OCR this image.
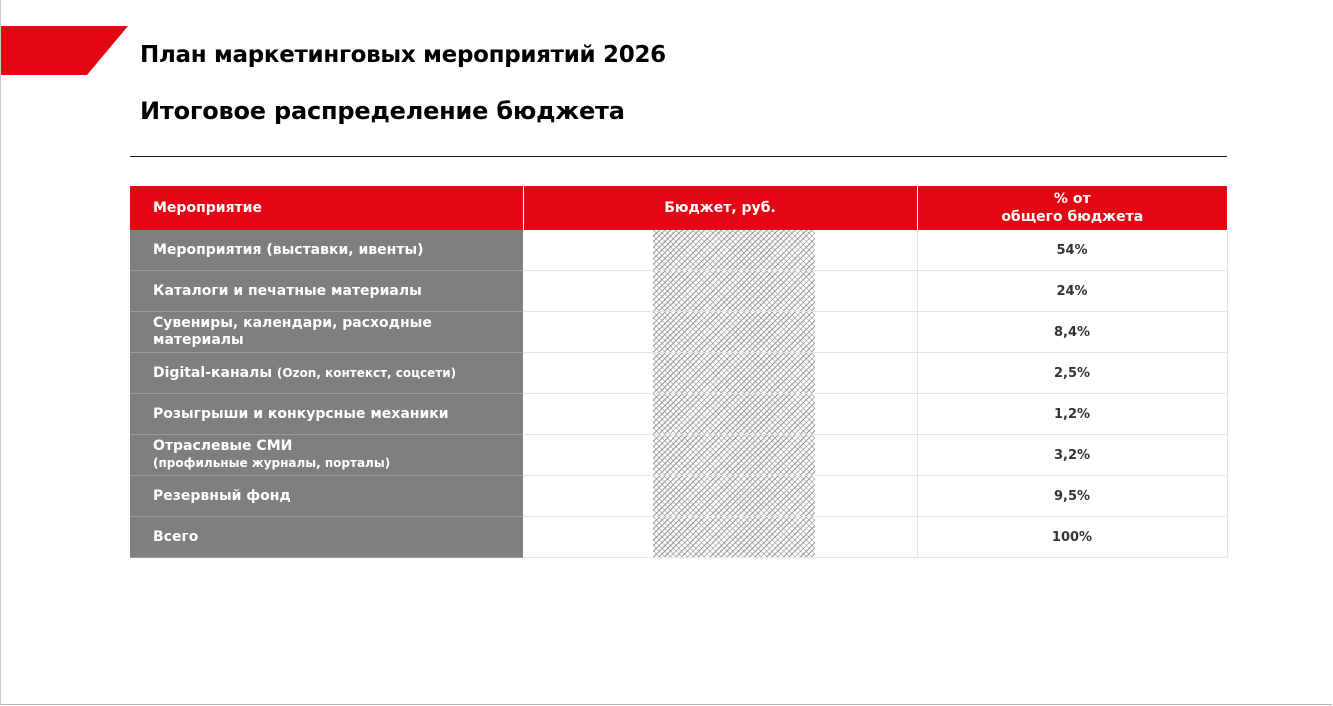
План маркетинговых мероприятий 2026
Итоговое распределение бюджета
Мероприятие	Бюджет, руб.	% от
общего бюджета
Мероприятия (выставки, ивенты)		54%
Каталоги и печатные материалы		24%
Сувениры, календари, расходные материалы		8,4%
Digital-каналы (Ozon, контекст, соцсети)		2,5%
Розыгрыши и конкурсные механики		1,2%
Отраслевые СМИ
(профильные журналы, порталы)		3,2%
Резервный фонд		9,5%
Всего		100%
